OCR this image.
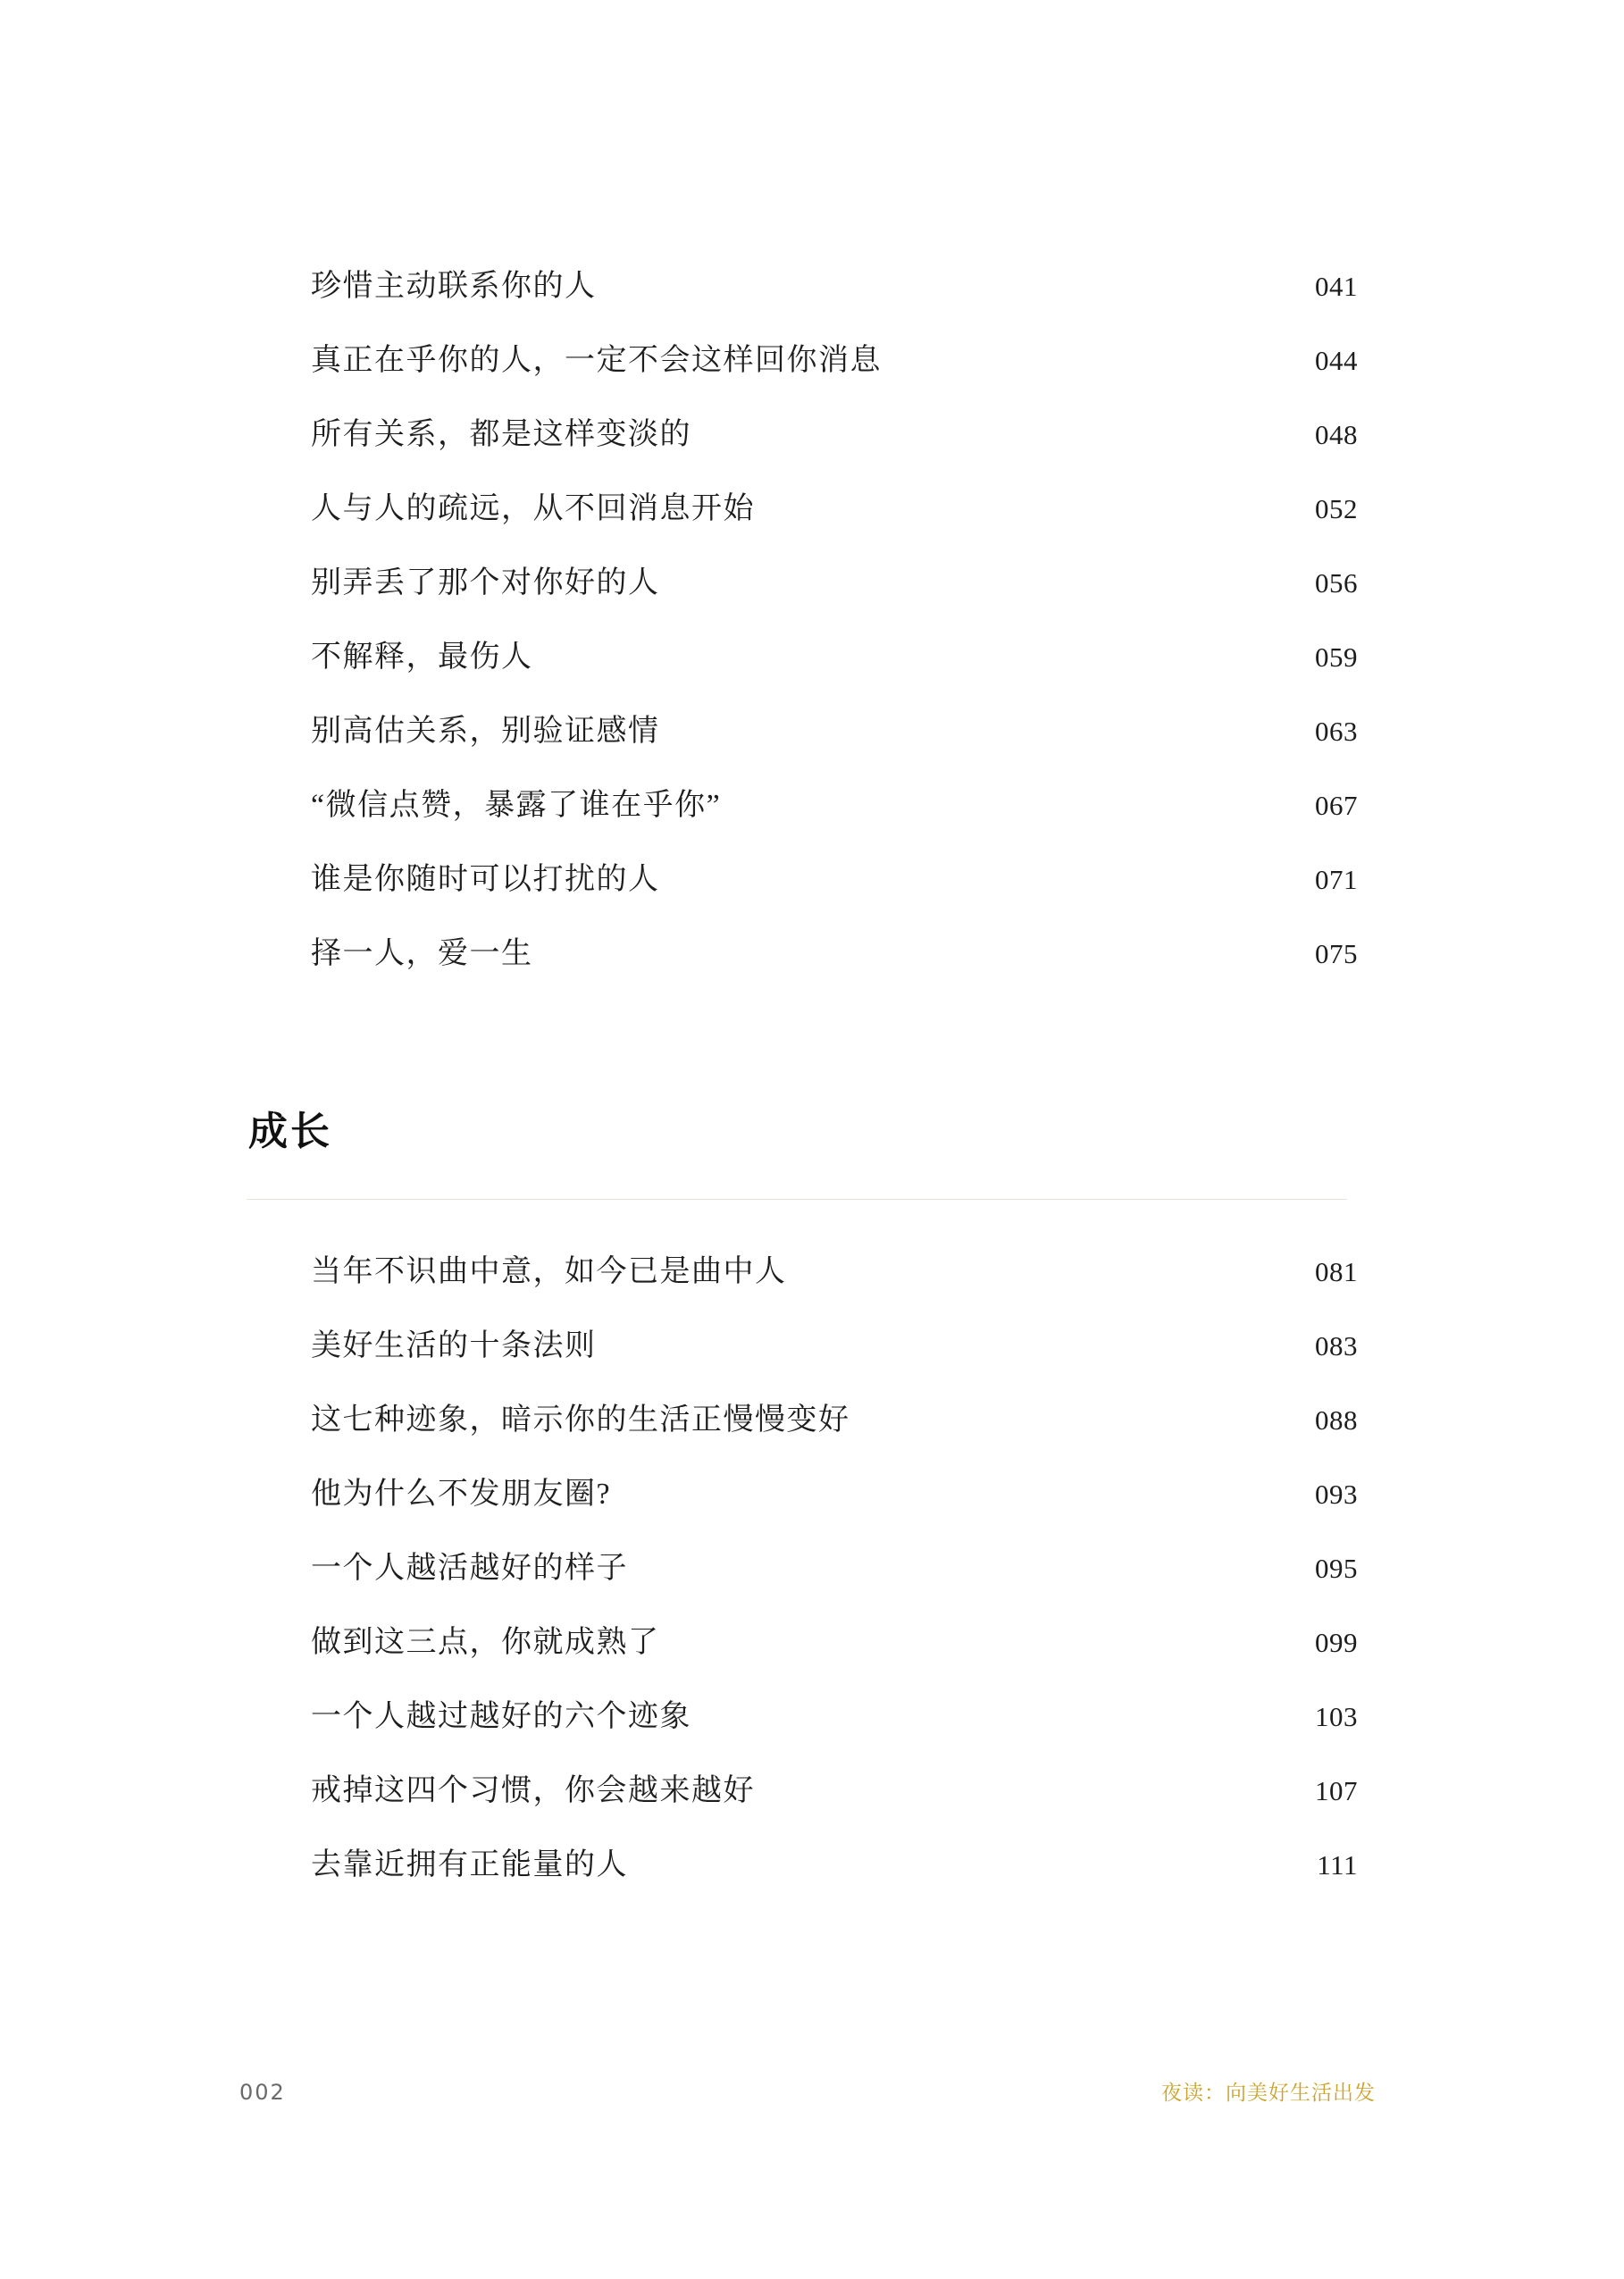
珍惜主动联系你的人	041
真正在乎你的人，一定不会这样回你消息	044
所有关系，都是这样变淡的	048
人与人的疏远，从不回消息开始	052
别弄丢了那个对你好的人	056
不解释，最伤人	059
别高估关系，别验证感情	063
“微信点赞，暴露了谁在乎你”	067
谁是你随时可以打扰的人	071
择一人，爱一生	075
成长
当年不识曲中意，如今已是曲中人	081
美好生活的十条法则	083
这七种迹象，暗示你的生活正慢慢变好	088
他为什么不发朋友圈?	093
一个人越活越好的样子	095
做到这三点，你就成熟了	099
一个人越过越好的六个迹象	103
戒掉这四个习惯，你会越来越好	107
去靠近拥有正能量的人	111
002	夜读：向美好生活出发
